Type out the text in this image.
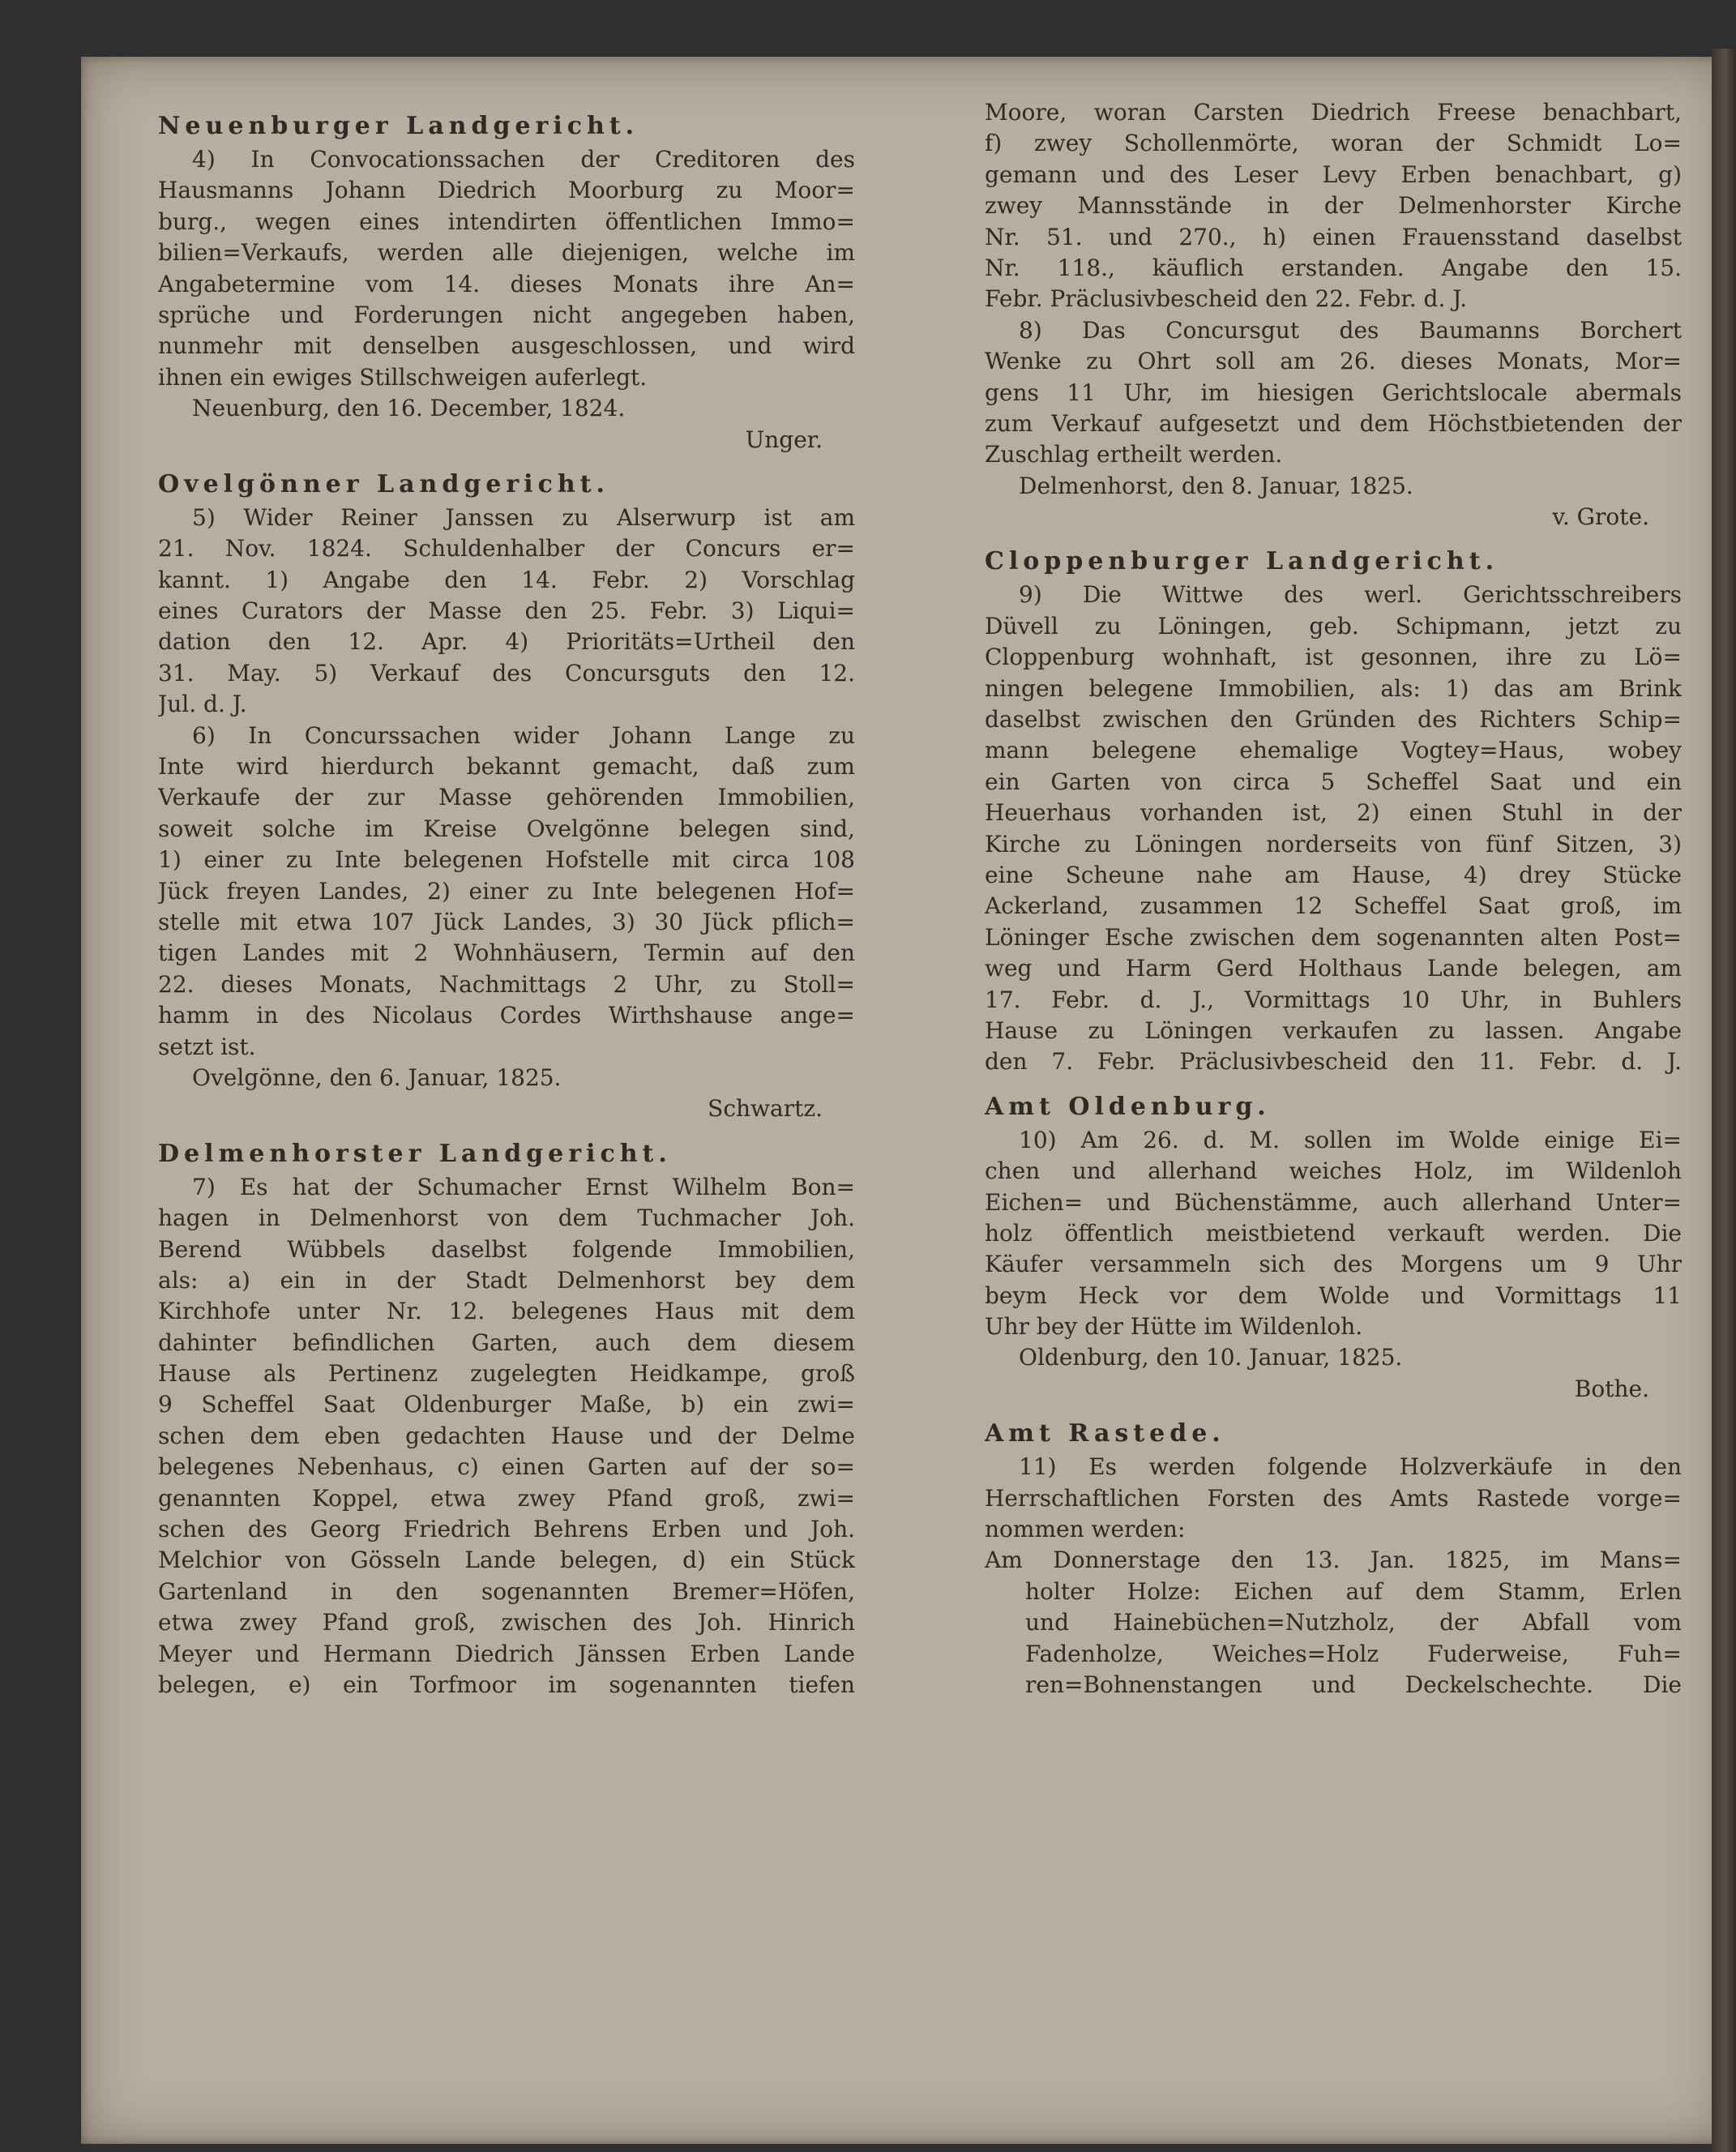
Neuenburger Landgericht.
4) In Convocationssachen der Creditoren des
Hausmanns Johann Diedrich Moorburg zu Moor=
burg., wegen eines intendirten öffentlichen Immo=
bilien=Verkaufs, werden alle diejenigen, welche im
Angabetermine vom 14. dieses Monats ihre An=
sprüche und Forderungen nicht angegeben haben,
nunmehr mit denselben ausgeschlossen, und wird
ihnen ein ewiges Stillschweigen auferlegt.
Neuenburg, den 16. December, 1824.
Unger.
Ovelgönner Landgericht.
5) Wider Reiner Janssen zu Alserwurp ist am
21. Nov. 1824. Schuldenhalber der Concurs er=
kannt. 1) Angabe den 14. Febr. 2) Vorschlag
eines Curators der Masse den 25. Febr. 3) Liqui=
dation den 12. Apr. 4) Prioritäts=Urtheil den
31. May. 5) Verkauf des Concursguts den 12.
Jul. d. J.
6) In Concurssachen wider Johann Lange zu
Inte wird hierdurch bekannt gemacht, daß zum
Verkaufe der zur Masse gehörenden Immobilien,
soweit solche im Kreise Ovelgönne belegen sind,
1) einer zu Inte belegenen Hofstelle mit circa 108
Jück freyen Landes, 2) einer zu Inte belegenen Hof=
stelle mit etwa 107 Jück Landes, 3) 30 Jück pflich=
tigen Landes mit 2 Wohnhäusern, Termin auf den
22. dieses Monats, Nachmittags 2 Uhr, zu Stoll=
hamm in des Nicolaus Cordes Wirthshause ange=
setzt ist.
Ovelgönne, den 6. Januar, 1825.
Schwartz.
Delmenhorster Landgericht.
7) Es hat der Schumacher Ernst Wilhelm Bon=
hagen in Delmenhorst von dem Tuchmacher Joh.
Berend Wübbels daselbst folgende Immobilien,
als: a) ein in der Stadt Delmenhorst bey dem
Kirchhofe unter Nr. 12. belegenes Haus mit dem
dahinter befindlichen Garten, auch dem diesem
Hause als Pertinenz zugelegten Heidkampe, groß
9 Scheffel Saat Oldenburger Maße, b) ein zwi=
schen dem eben gedachten Hause und der Delme
belegenes Nebenhaus, c) einen Garten auf der so=
genannten Koppel, etwa zwey Pfand groß, zwi=
schen des Georg Friedrich Behrens Erben und Joh.
Melchior von Gösseln Lande belegen, d) ein Stück
Gartenland in den sogenannten Bremer=Höfen,
etwa zwey Pfand groß, zwischen des Joh. Hinrich
Meyer und Hermann Diedrich Jänssen Erben Lande
belegen, e) ein Torfmoor im sogenannten tiefen
Moore, woran Carsten Diedrich Freese benachbart,
f) zwey Schollenmörte, woran der Schmidt Lo=
gemann und des Leser Levy Erben benachbart, g)
zwey Mannsstände in der Delmenhorster Kirche
Nr. 51. und 270., h) einen Frauensstand daselbst
Nr. 118., käuflich erstanden. Angabe den 15.
Febr. Präclusivbescheid den 22. Febr. d. J.
8) Das Concursgut des Baumanns Borchert
Wenke zu Ohrt soll am 26. dieses Monats, Mor=
gens 11 Uhr, im hiesigen Gerichtslocale abermals
zum Verkauf aufgesetzt und dem Höchstbietenden der
Zuschlag ertheilt werden.
Delmenhorst, den 8. Januar, 1825.
v. Grote.
Cloppenburger Landgericht.
9) Die Wittwe des werl. Gerichtsschreibers
Düvell zu Löningen, geb. Schipmann, jetzt zu
Cloppenburg wohnhaft, ist gesonnen, ihre zu Lö=
ningen belegene Immobilien, als: 1) das am Brink
daselbst zwischen den Gründen des Richters Schip=
mann belegene ehemalige Vogtey=Haus, wobey
ein Garten von circa 5 Scheffel Saat und ein
Heuerhaus vorhanden ist, 2) einen Stuhl in der
Kirche zu Löningen norderseits von fünf Sitzen, 3)
eine Scheune nahe am Hause, 4) drey Stücke
Ackerland, zusammen 12 Scheffel Saat groß, im
Löninger Esche zwischen dem sogenannten alten Post=
weg und Harm Gerd Holthaus Lande belegen, am
17. Febr. d. J., Vormittags 10 Uhr, in Buhlers
Hause zu Löningen verkaufen zu lassen. Angabe
den 7. Febr. Präclusivbescheid den 11. Febr. d. J.
Amt Oldenburg.
10) Am 26. d. M. sollen im Wolde einige Ei=
chen und allerhand weiches Holz, im Wildenloh
Eichen= und Büchenstämme, auch allerhand Unter=
holz öffentlich meistbietend verkauft werden. Die
Käufer versammeln sich des Morgens um 9 Uhr
beym Heck vor dem Wolde und Vormittags 11
Uhr bey der Hütte im Wildenloh.
Oldenburg, den 10. Januar, 1825.
Bothe.
Amt Rastede.
11) Es werden folgende Holzverkäufe in den
Herrschaftlichen Forsten des Amts Rastede vorge=
nommen werden:
Am Donnerstage den 13. Jan. 1825, im Mans=
holter Holze: Eichen auf dem Stamm, Erlen
und Hainebüchen=Nutzholz, der Abfall vom
Fadenholze, Weiches=Holz Fuderweise, Fuh=
ren=Bohnenstangen und Deckelschechte. Die
